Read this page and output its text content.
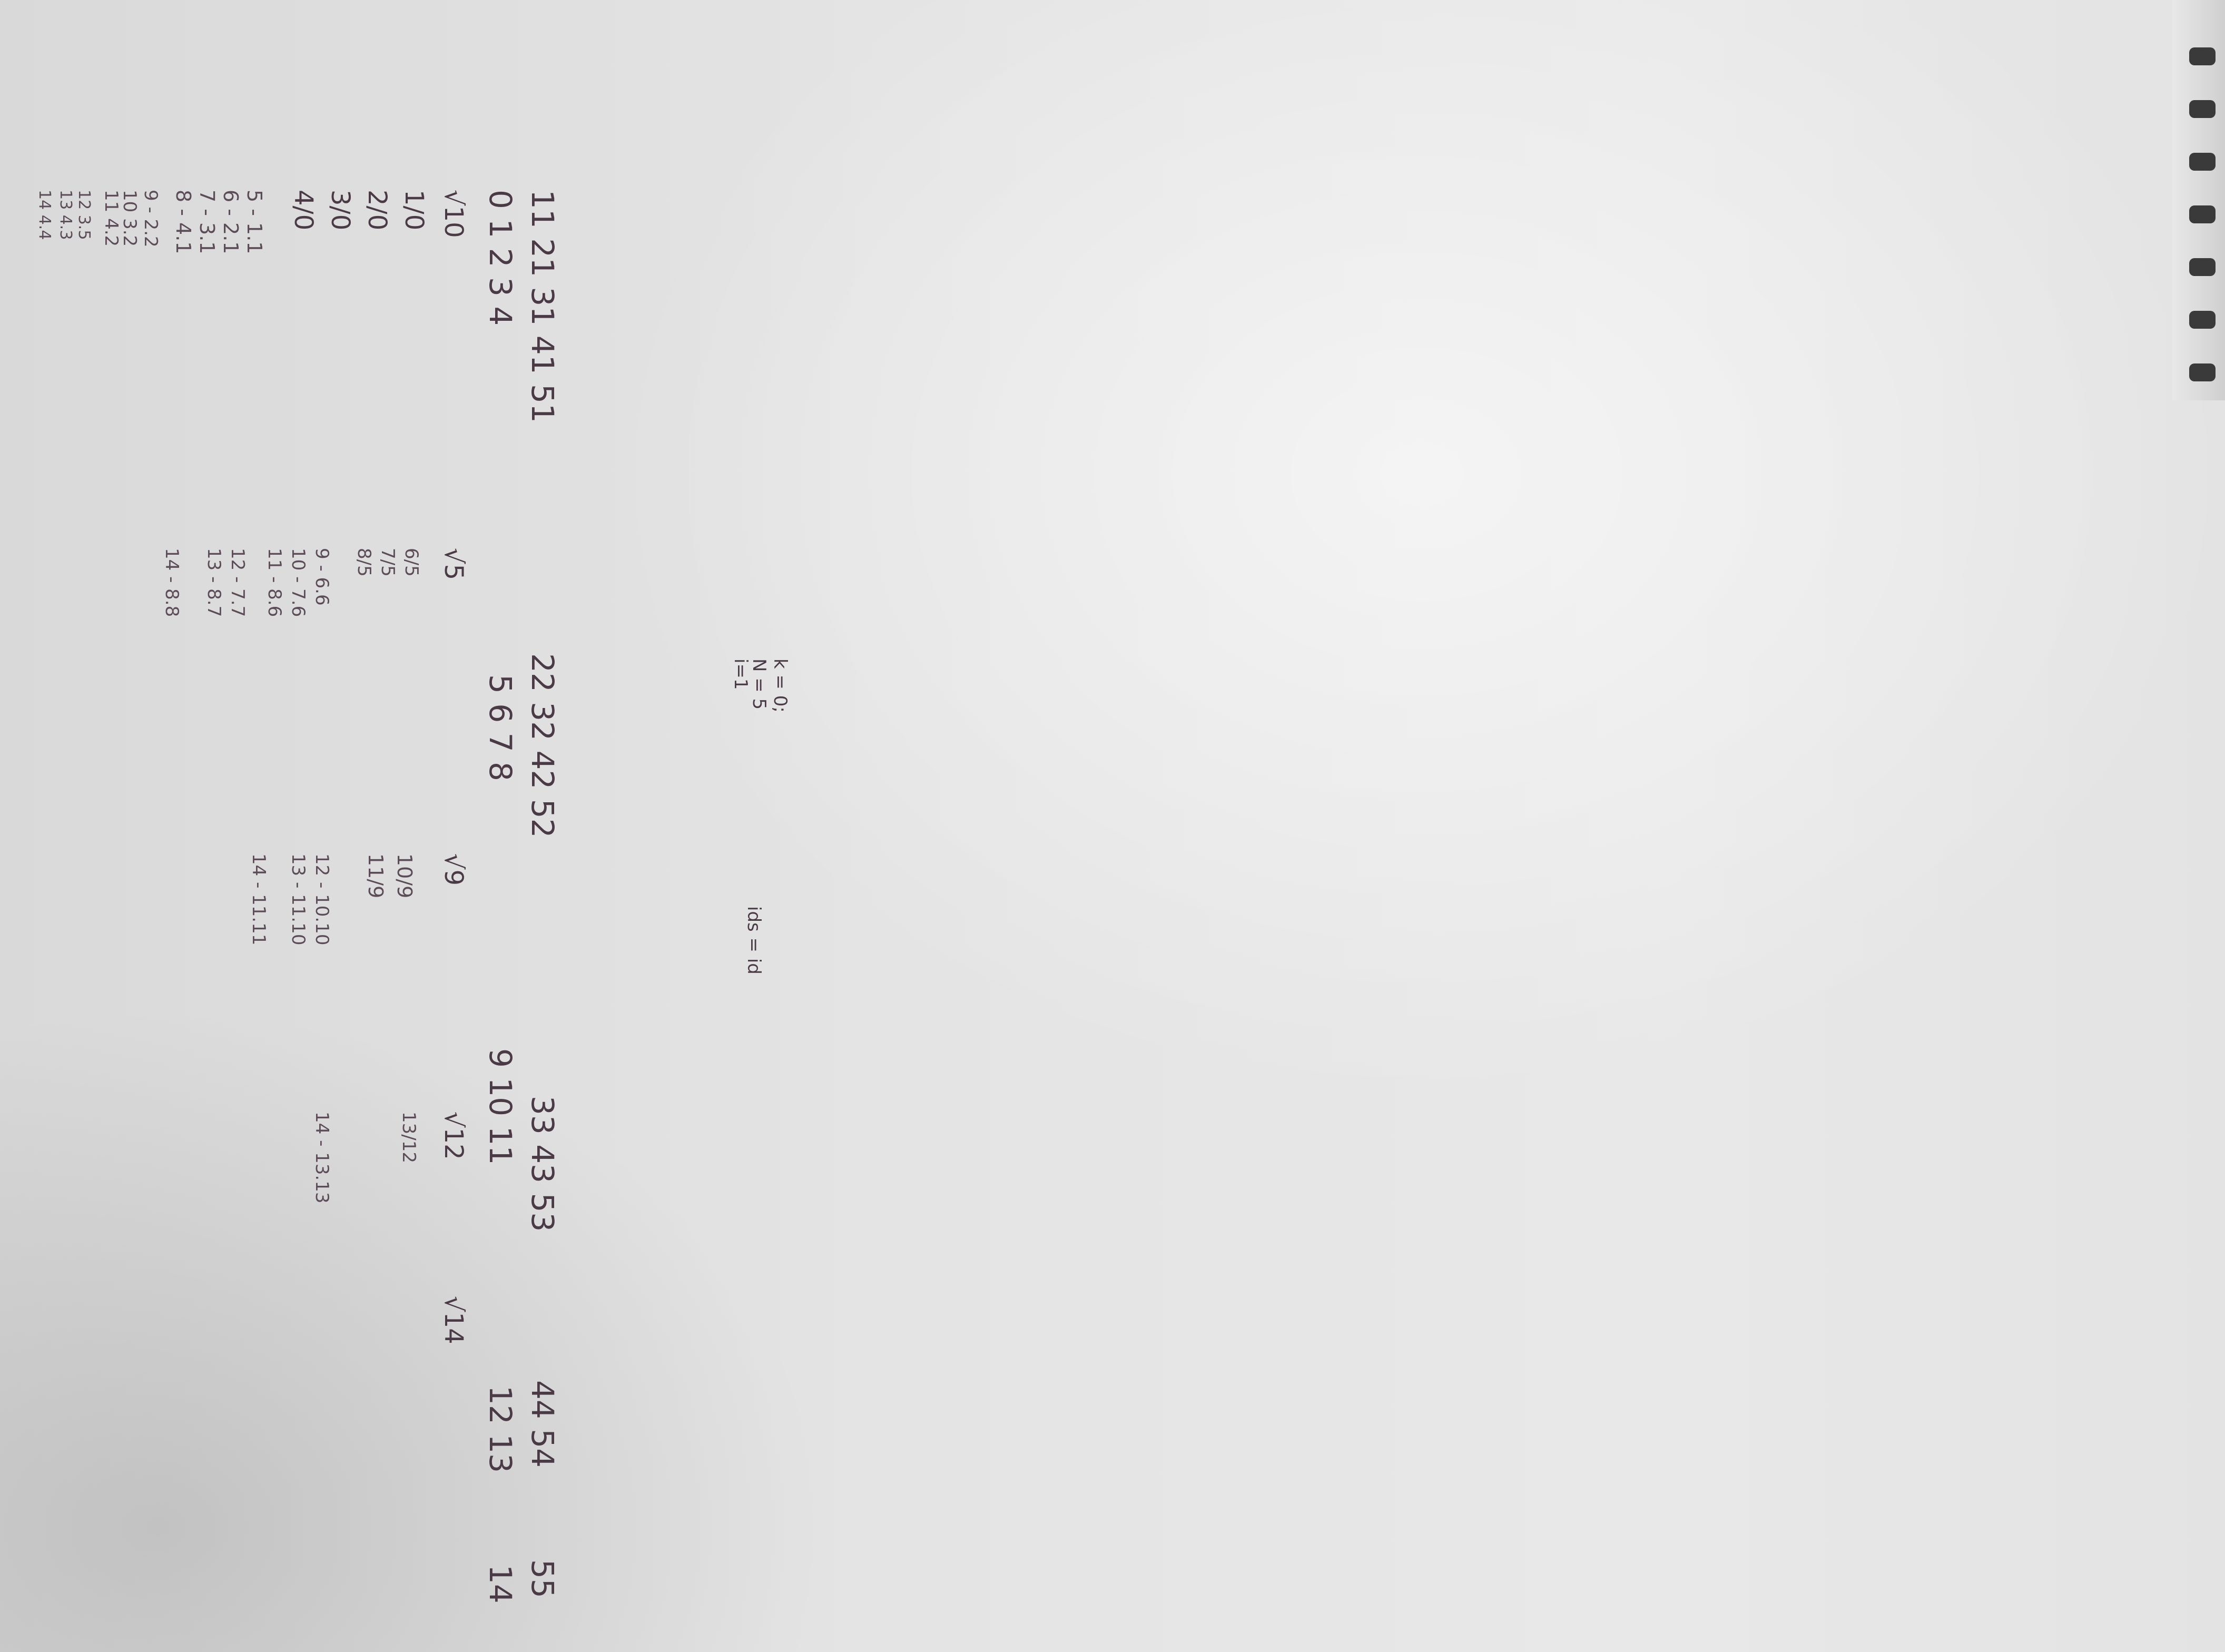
k = 0;
N = 5
i=1
ids = id
11 21 31 41 51
22 32 42 52
33 43 53
44 54
55
0 1 2 3 4
5 6 7 8
9 10 11
12 13
14
√10
√5
√9
√12
√14
1/0
2/0
3/0
4/0
5 - 1.1
6 - 2.1
7 - 3.1
8 - 4.1
9 - 2.2
10 3.2
11 4.2
12 3.5
13 4.3
14 4.4
6/5
7/5
8/5
9 - 6.6
10 - 7.6
11 - 8.6
12 - 7.7
13 - 8.7
14 - 8.8
10/9
11/9
12 - 10.10
13 - 11.10
14 - 11.11
13/12
14 - 13.13
